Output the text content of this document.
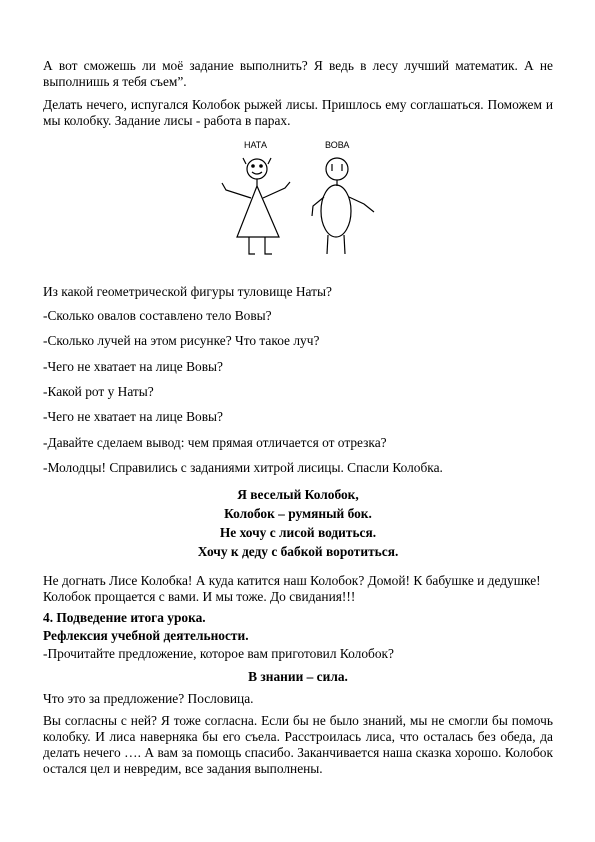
А вот сможешь ли моё задание выполнить? Я ведь в лесу лучший математик. А не выполнишь я тебя съем”.

Делать нечего, испугался Колобок рыжей лисы. Пришлось ему соглашаться. Поможем и мы колобку. Задание лисы - работа в парах.

НАТА	ВОВА

Из какой геометрической фигуры туловище Наты?

-Сколько овалов составлено тело Вовы?

-Сколько лучей на этом рисунке? Что такое луч?

-Чего не хватает на лице Вовы?

-Какой рот у Наты?

-Чего не хватает на лице Вовы?

-Давайте сделаем вывод: чем прямая отличается от отрезка?

-Молодцы! Справились с заданиями хитрой лисицы. Спасли Колобка.

Я веселый Колобок,

Колобок – румяный бок.

Не хочу с лисой водиться.

Хочу к деду с бабкой воротиться.

Не догнать Лисе Колобка! А куда катится наш Колобок? Домой! К бабушке и дедушке! Колобок прощается с вами. И мы тоже. До свидания!!!

4. Подведение итога урока.

Рефлексия учебной деятельности.

-Прочитайте предложение, которое вам приготовил Колобок?

В знании – сила.

Что это за предложение? Пословица.

Вы согласны с ней? Я тоже согласна. Если бы не было знаний, мы не смогли бы помочь колобку. И лиса наверняка бы его съела. Расстроилась лиса, что осталась без обеда, да делать нечего …. А вам за помощь спасибо. Заканчивается наша сказка хорошо. Колобок остался цел и невредим, все задания выполнены.
